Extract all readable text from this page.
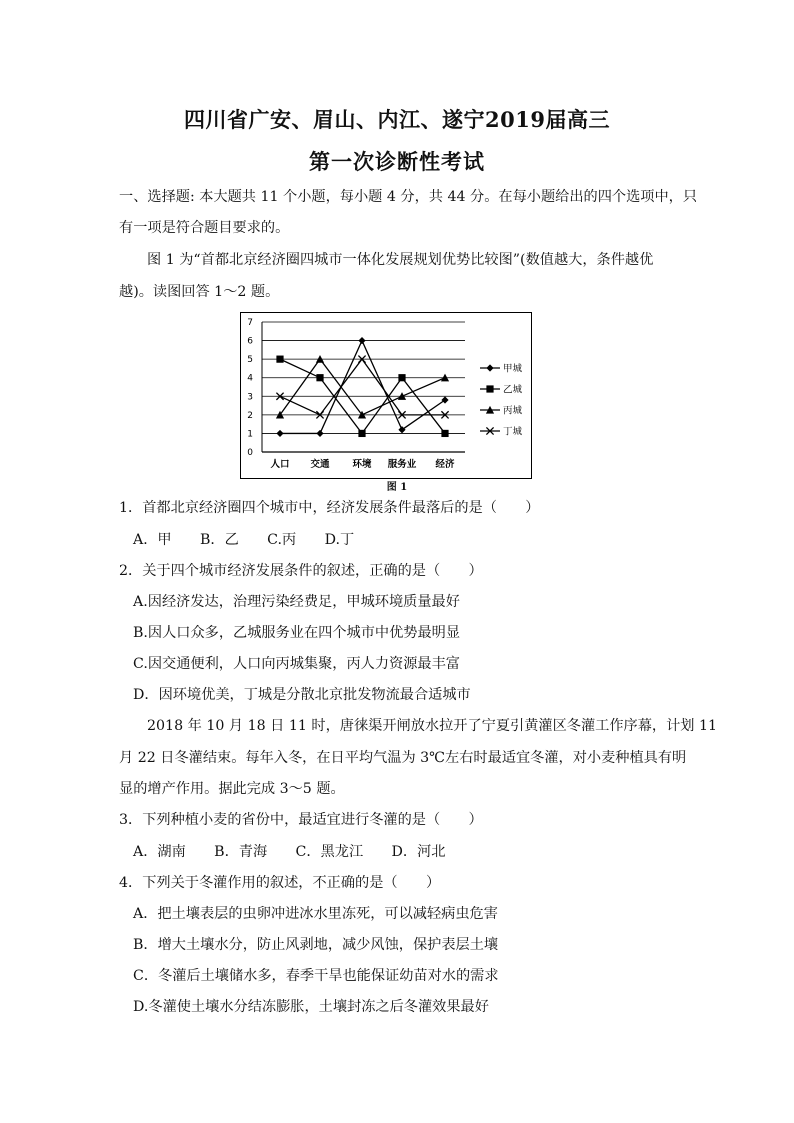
四川省广安、眉山、内江、遂宁2019届高三
第一次诊断性考试
一、选择题: 本大题共 11 个小题，每小题 4 分，共 44 分。在每小题给出的四个选项中，只
有一项是符合题目要求的。
图 1 为“首都北京经济圈四城市一体化发展规划优势比较图”(数值越大，条件越优
越)。读图回答 1～2 题。
0
1
2
3
4
5
6
7
人口 交通 环境 服务业 经济
甲城
乙城
丙城
丁城
图 1
1．首都北京经济圈四个城市中，经济发展条件最落后的是（　　）
A．甲　　B．乙　　C.丙　　D.丁
2．关于四个城市经济发展条件的叙述，正确的是（　　）
A.因经济发达，治理污染经费足，甲城环境质量最好
B.因人口众多，乙城服务业在四个城市中优势最明显
C.因交通便利，人口向丙城集聚，丙人力资源最丰富
D．因环境优美，丁城是分散北京批发物流最合适城市
2018 年 10 月 18 日 11 时，唐徕渠开闸放水拉开了宁夏引黄灌区冬灌工作序幕，计划 11
月 22 日冬灌结束。每年入冬，在日平均气温为 3℃左右时最适宜冬灌，对小麦种植具有明
显的增产作用。据此完成 3～5 题。
3．下列种植小麦的省份中，最适宜进行冬灌的是（　　）
A．湖南　　B．青海　　C．黑龙江　　D．河北
4．下列关于冬灌作用的叙述，不正确的是（　　）
A．把土壤表层的虫卵冲进冰水里冻死，可以减轻病虫危害
B．增大土壤水分，防止风剥地，减少风蚀，保护表层土壤
C．冬灌后土壤储水多，春季干旱也能保证幼苗对水的需求
D.冬灌使土壤水分结冻膨胀，土壤封冻之后冬灌效果最好
